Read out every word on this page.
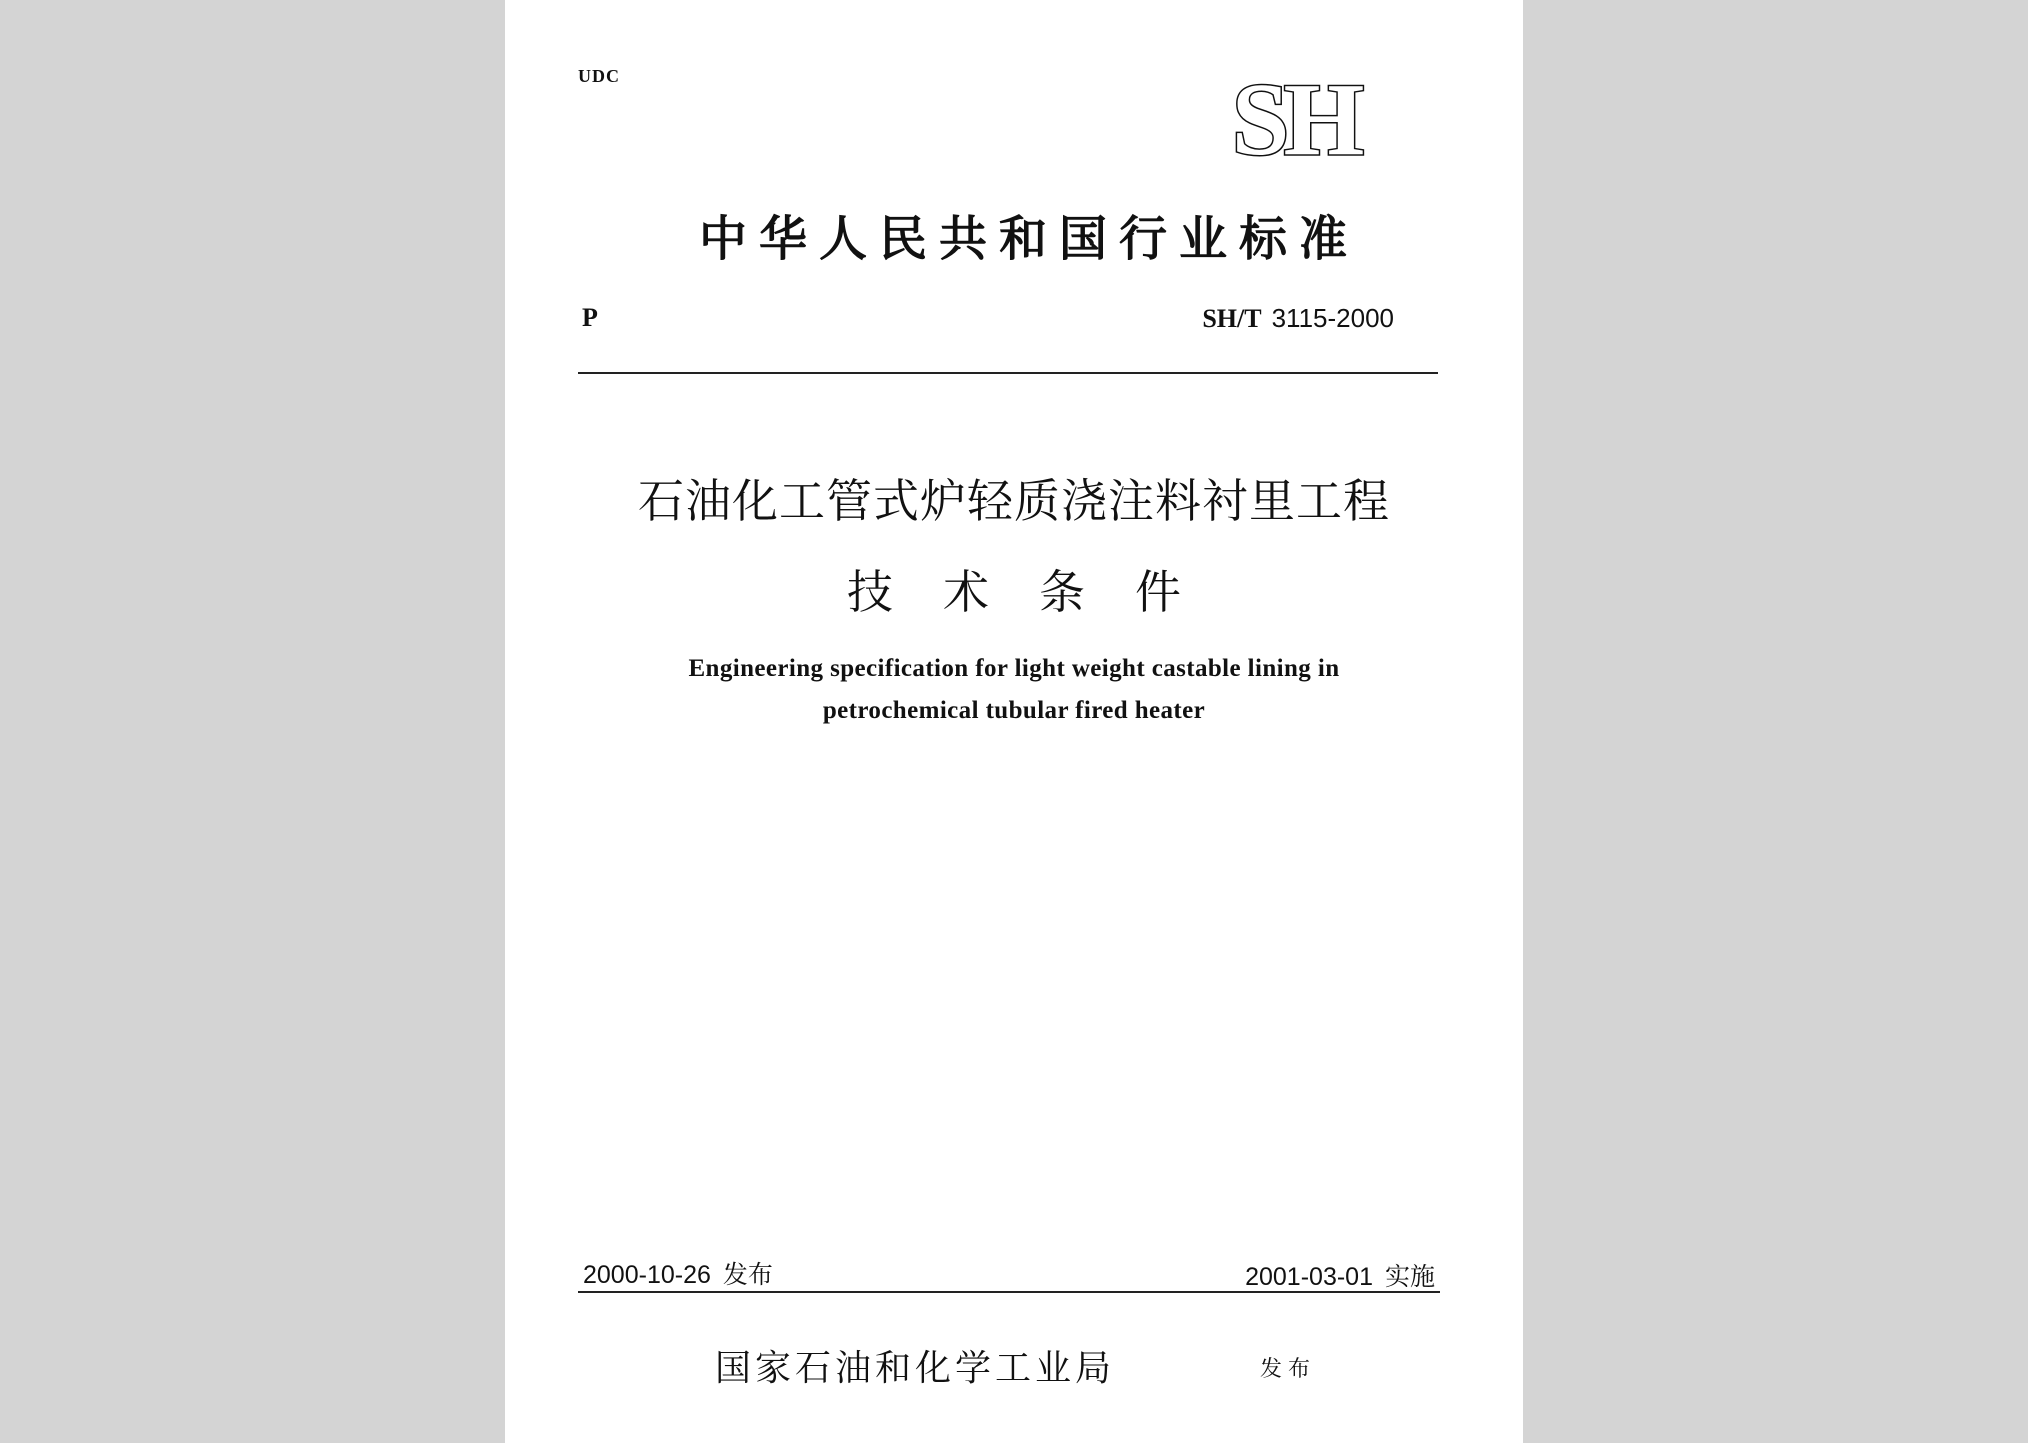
UDC	SH
中华人民共和国行业标准
P	SH/T 3115-2000
石油化工管式炉轻质浇注料衬里工程
技术条件
Engineering specification for light weight castable lining in
petrochemical tubular fired heater
2000-10-26 发布	2001-03-01 实施
国家石油和化学工业局	发布
